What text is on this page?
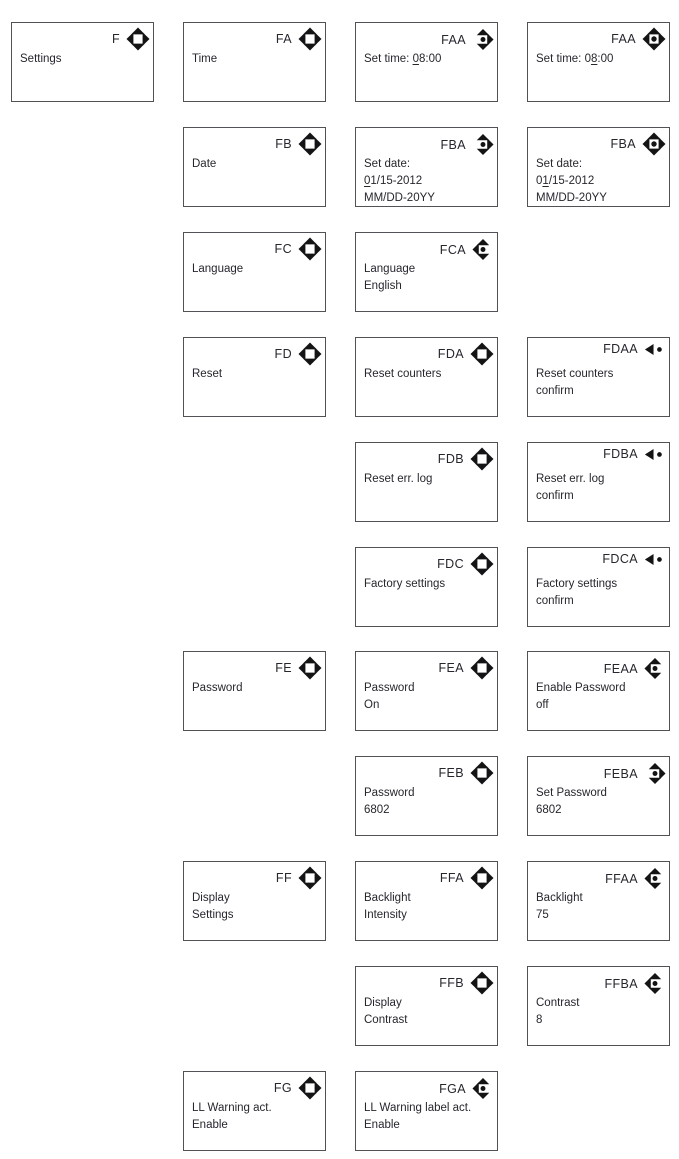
F
Settings
FA
Time
FAA
Set time: 08:00
FAA
Set time: 08:00
FB
Date
FBA
Set date:
01/15-2012
MM/DD-20YY
FBA
Set date:
01/15-2012
MM/DD-20YY
FC
Language
FCA
Language
English
FD
Reset
FDA
Reset counters
FDAA
Reset counters
confirm
FDB
Reset err. log
FDBA
Reset err. log
confirm
FDC
Factory settings
FDCA
Factory settings
confirm
FE
Password
FEA
Password
On
FEAA
Enable Password
off
FEB
Password
6802
FEBA
Set Password
6802
FF
Display
Settings
FFA
Backlight
Intensity
FFAA
Backlight
75
FFB
Display
Contrast
FFBA
Contrast
8
FG
LL Warning act.
Enable
FGA
LL Warning label act.
Enable
